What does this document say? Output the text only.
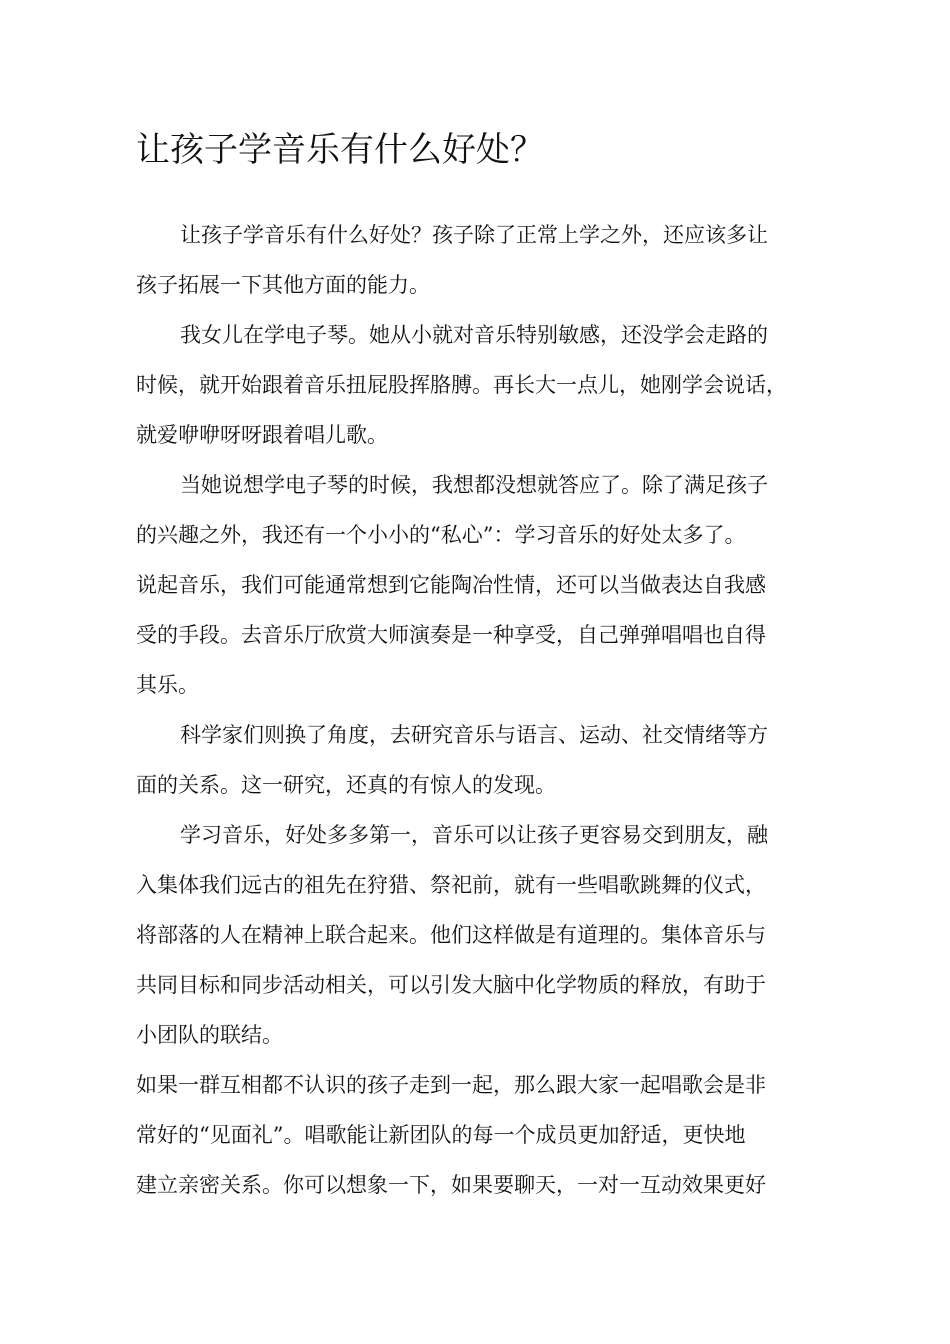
让孩子学音乐有什么好处？

让孩子学音乐有什么好处？孩子除了正常上学之外，还应该多让
孩子拓展一下其他方面的能力。

我女儿在学电子琴。她从小就对音乐特别敏感，还没学会走路的
时候，就开始跟着音乐扭屁股挥胳膊。再长大一点儿，她刚学会说话，
就爱咿咿呀呀跟着唱儿歌。

当她说想学电子琴的时候，我想都没想就答应了。除了满足孩子
的兴趣之外，我还有一个小小的“私心”：学习音乐的好处太多了。
说起音乐，我们可能通常想到它能陶冶性情，还可以当做表达自我感
受的手段。去音乐厅欣赏大师演奏是一种享受，自己弹弹唱唱也自得
其乐。

科学家们则换了角度，去研究音乐与语言、运动、社交情绪等方
面的关系。这一研究，还真的有惊人的发现。

学习音乐，好处多多第一，音乐可以让孩子更容易交到朋友，融
入集体我们远古的祖先在狩猎、祭祀前，就有一些唱歌跳舞的仪式，
将部落的人在精神上联合起来。他们这样做是有道理的。集体音乐与
共同目标和同步活动相关，可以引发大脑中化学物质的释放，有助于
小团队的联结。

如果一群互相都不认识的孩子走到一起，那么跟大家一起唱歌会是非
常好的“见面礼”。唱歌能让新团队的每一个成员更加舒适，更快地
建立亲密关系。你可以想象一下，如果要聊天，一对一互动效果更好
